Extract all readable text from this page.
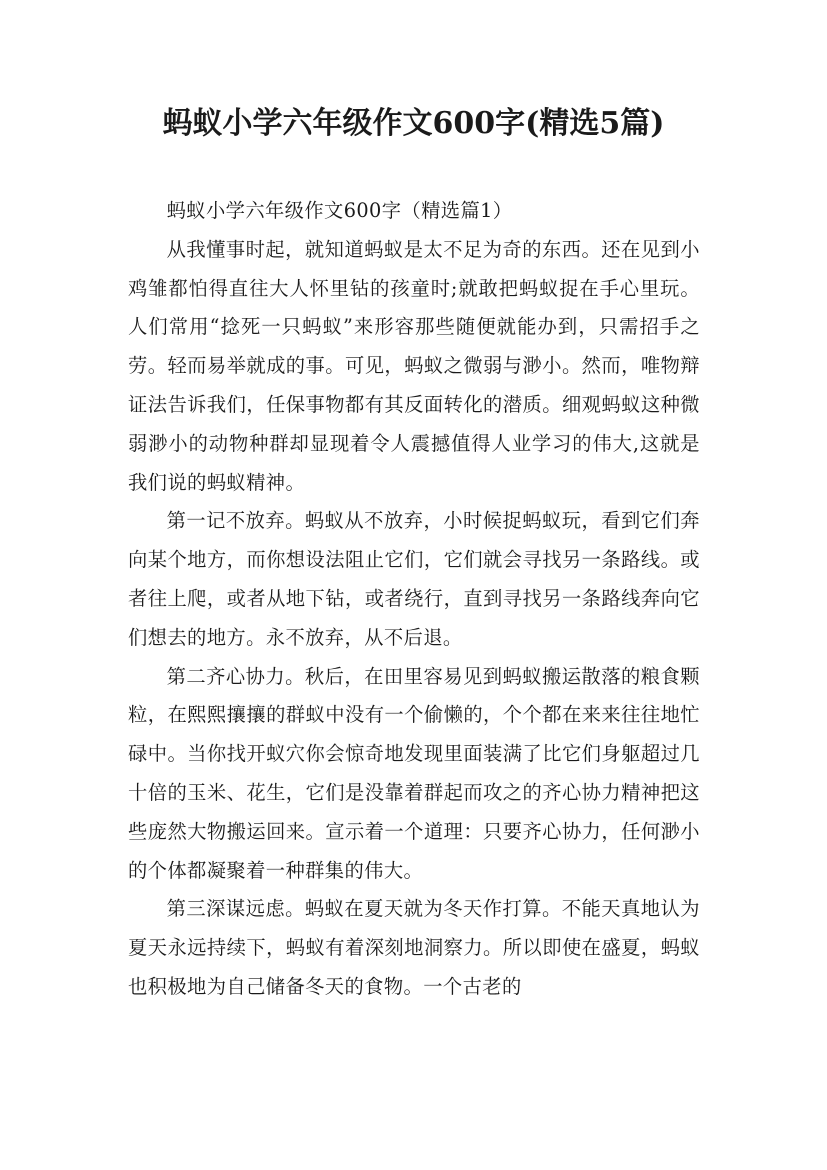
蚂蚁小学六年级作文600字(精选5篇)

蚂蚁小学六年级作文600字（精选篇1）

从我懂事时起，就知道蚂蚁是太不足为奇的东西。还在见到小鸡雏都怕得直往大人怀里钻的孩童时;就敢把蚂蚁捉在手心里玩。人们常用“捻死一只蚂蚁”来形容那些随便就能办到，只需招手之劳。轻而易举就成的事。可见，蚂蚁之微弱与渺小。然而，唯物辩证法告诉我们，任保事物都有其反面转化的潜质。细观蚂蚁这种微弱渺小的动物种群却显现着令人震撼值得人业学习的伟大,这就是我们说的蚂蚁精神。

第一记不放弃。蚂蚁从不放弃，小时候捉蚂蚁玩，看到它们奔向某个地方，而你想设法阻止它们，它们就会寻找另一条路线。或者往上爬，或者从地下钻，或者绕行，直到寻找另一条路线奔向它们想去的地方。永不放弃，从不后退。

第二齐心协力。秋后，在田里容易见到蚂蚁搬运散落的粮食颗粒，在熙熙攘攘的群蚁中没有一个偷懒的，个个都在来来往往地忙碌中。当你找开蚁穴你会惊奇地发现里面装满了比它们身躯超过几十倍的玉米、花生，它们是没靠着群起而攻之的齐心协力精神把这些庞然大物搬运回来。宣示着一个道理：只要齐心协力，任何渺小的个体都凝聚着一种群集的伟大。

第三深谋远虑。蚂蚁在夏天就为冬天作打算。不能天真地认为夏天永远持续下，蚂蚁有着深刻地洞察力。所以即使在盛夏，蚂蚁也积极地为自己储备冬天的食物。一个古老的
